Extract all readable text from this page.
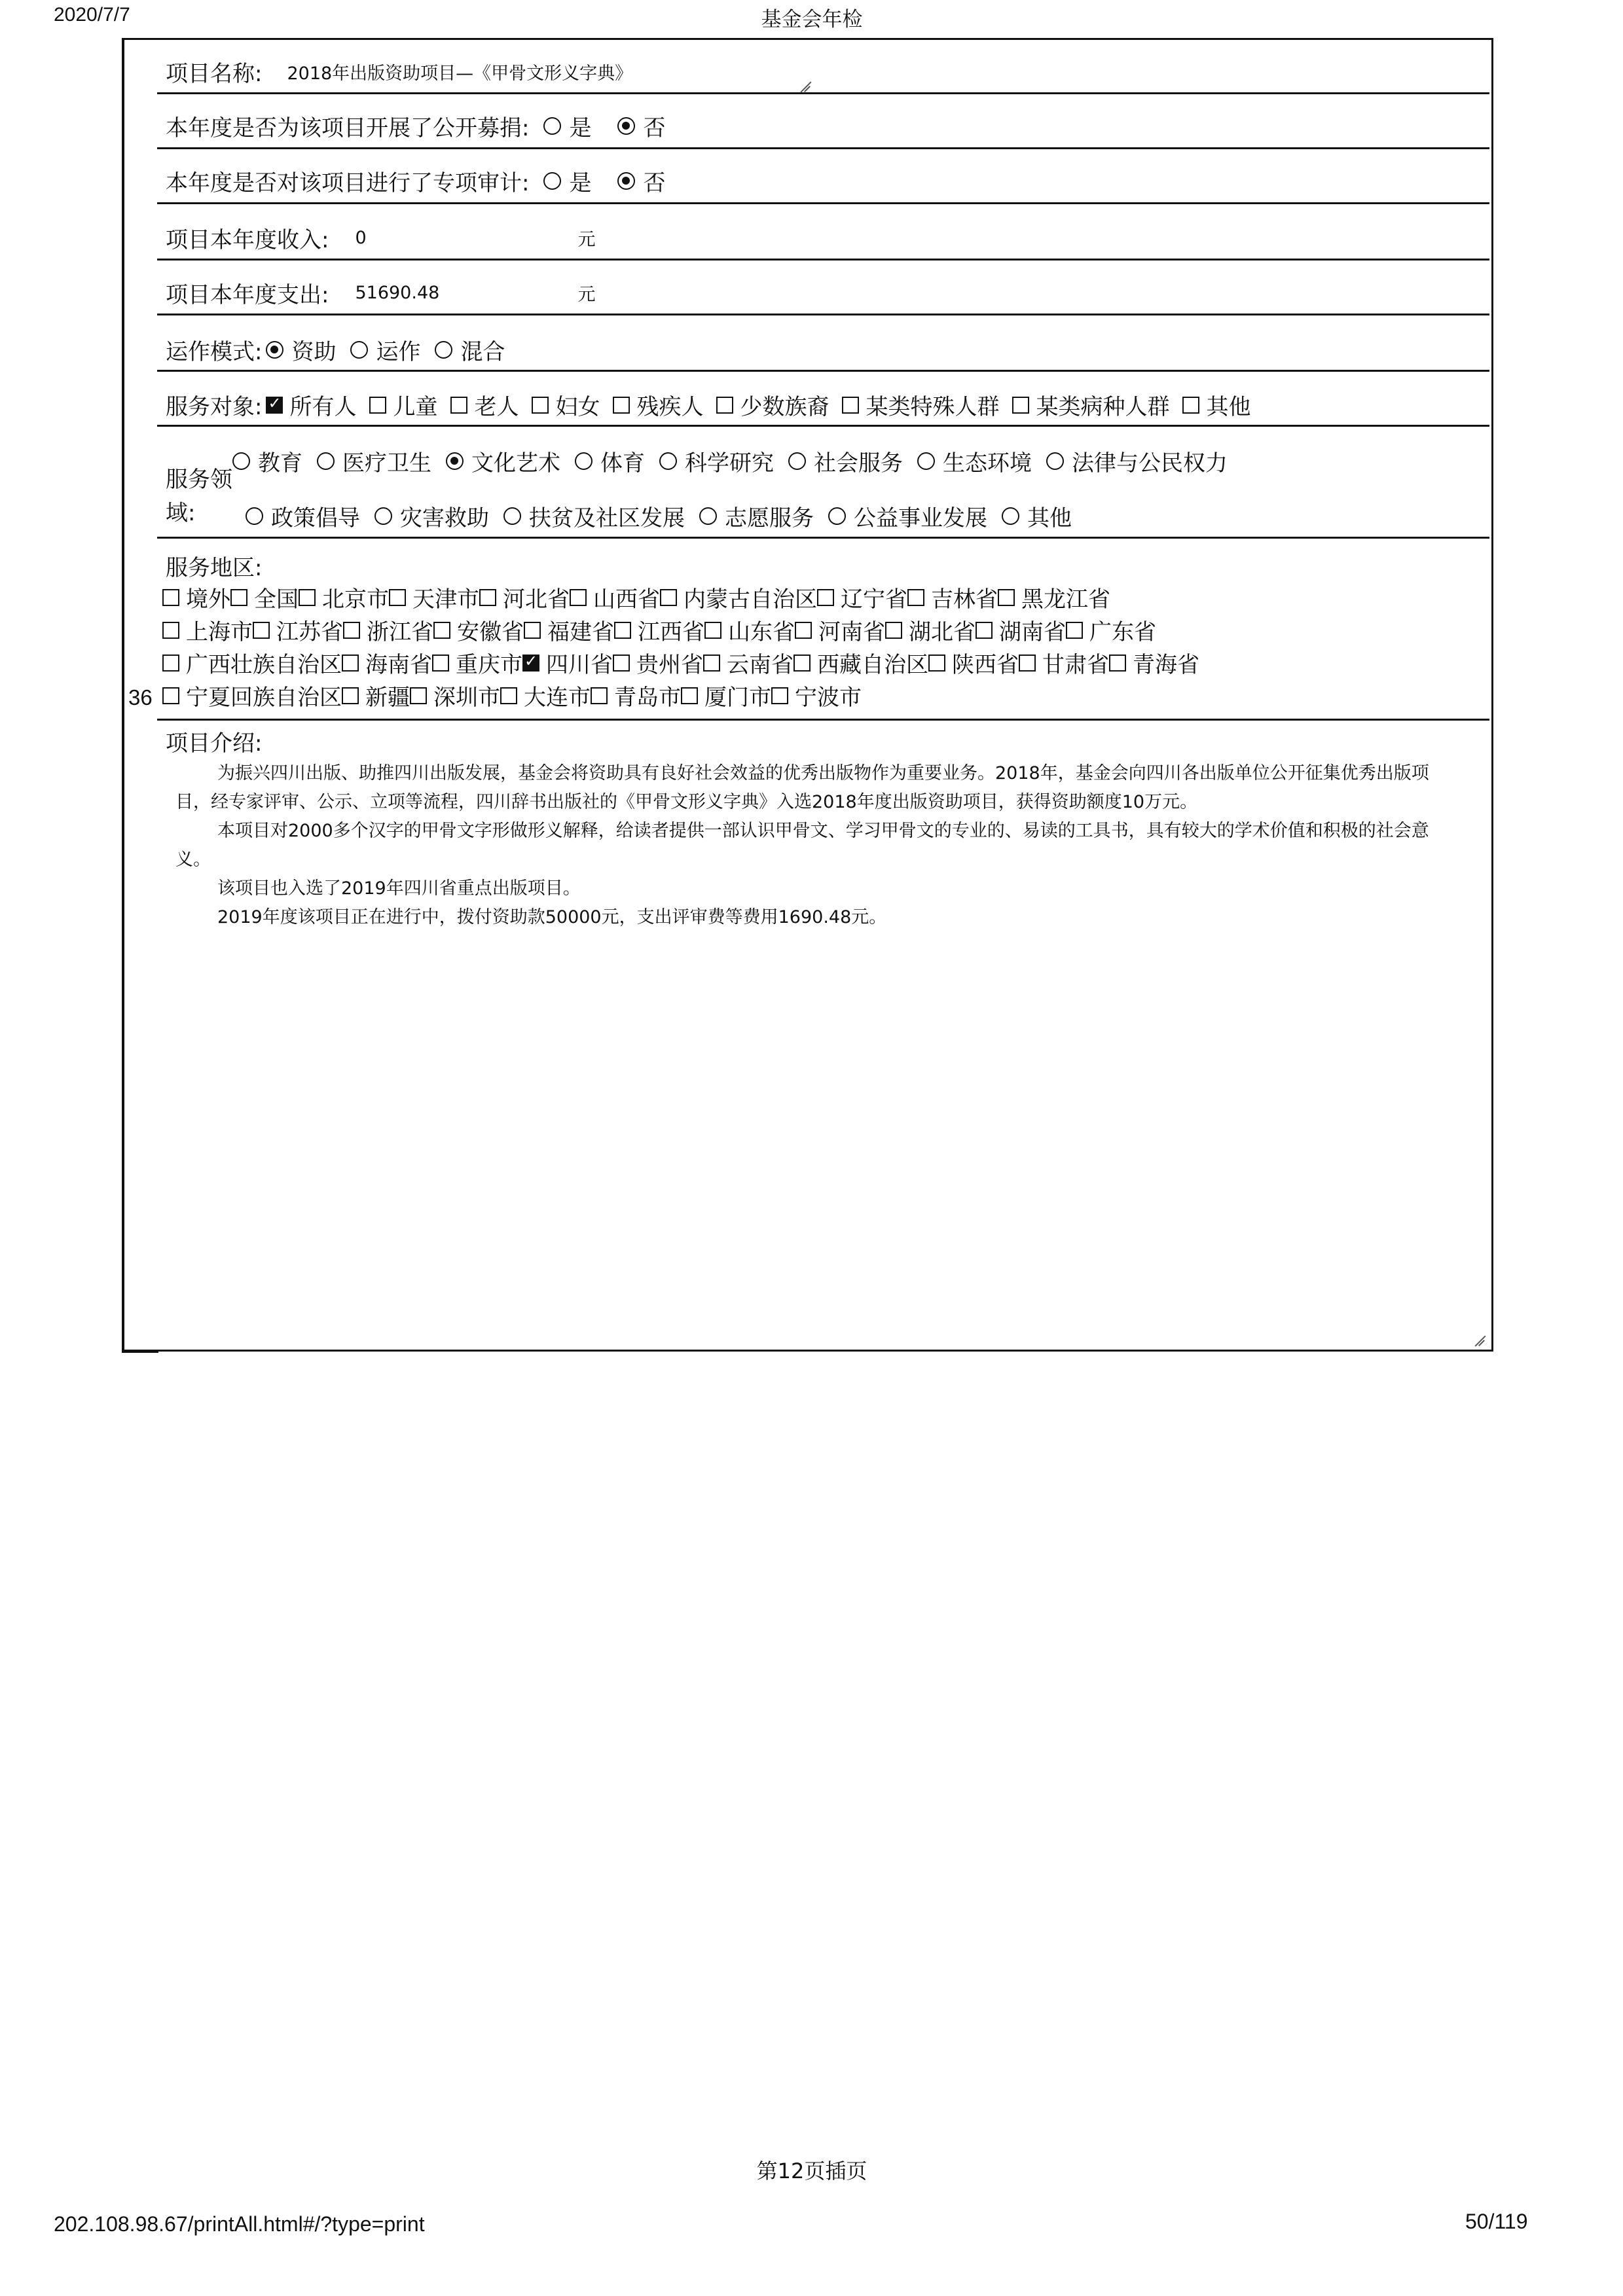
2020/7/7	基金会年检
36
项目名称: 2018年出版资助项目—《甲骨文形义字典》
本年度是否为该项目开展了公开募捐: 是 否
本年度是否对该项目进行了专项审计: 是 否
项目本年度收入: 0	元
项目本年度支出: 51690.48	元
运作模式: 资助 运作 混合
服务对象: ✓ 所有人 儿童 老人 妇女 残疾人 少数族裔 某类特殊人群 某类病种人群 其他
服务领
域:
教育 医疗卫生 文化艺术 体育 科学研究 社会服务 生态环境 法律与公民权力
政策倡导 灾害救助 扶贫及社区发展 志愿服务 公益事业发展 其他
服务地区:
境外 全国 北京市 天津市 河北省 山西省 内蒙古自治区 辽宁省 吉林省 黑龙江省
上海市 江苏省 浙江省 安徽省 福建省 江西省 山东省 河南省 湖北省 湖南省 广东省
广西壮族自治区 海南省 重庆市 ✓ 四川省 贵州省 云南省 西藏自治区 陕西省 甘肃省 青海省
宁夏回族自治区 新疆 深圳市 大连市 青岛市 厦门市 宁波市
项目介绍:
为振兴四川出版、助推四川出版发展，基金会将资助具有良好社会效益的优秀出版物作为重要业务。2018年，基金会向四川各出版单位公开征集优秀出版项目，经专家评审、公示、立项等流程，四川辞书出版社的《甲骨文形义字典》入选2018年度出版资助项目，获得资助额度10万元。
本项目对2000多个汉字的甲骨文字形做形义解释，给读者提供一部认识甲骨文、学习甲骨文的专业的、易读的工具书，具有较大的学术价值和积极的社会意义。
该项目也入选了2019年四川省重点出版项目。
2019年度该项目正在进行中，拨付资助款50000元，支出评审费等费用1690.48元。
第12页插页
202.108.98.67/printAll.html#/?type=print	50/119
